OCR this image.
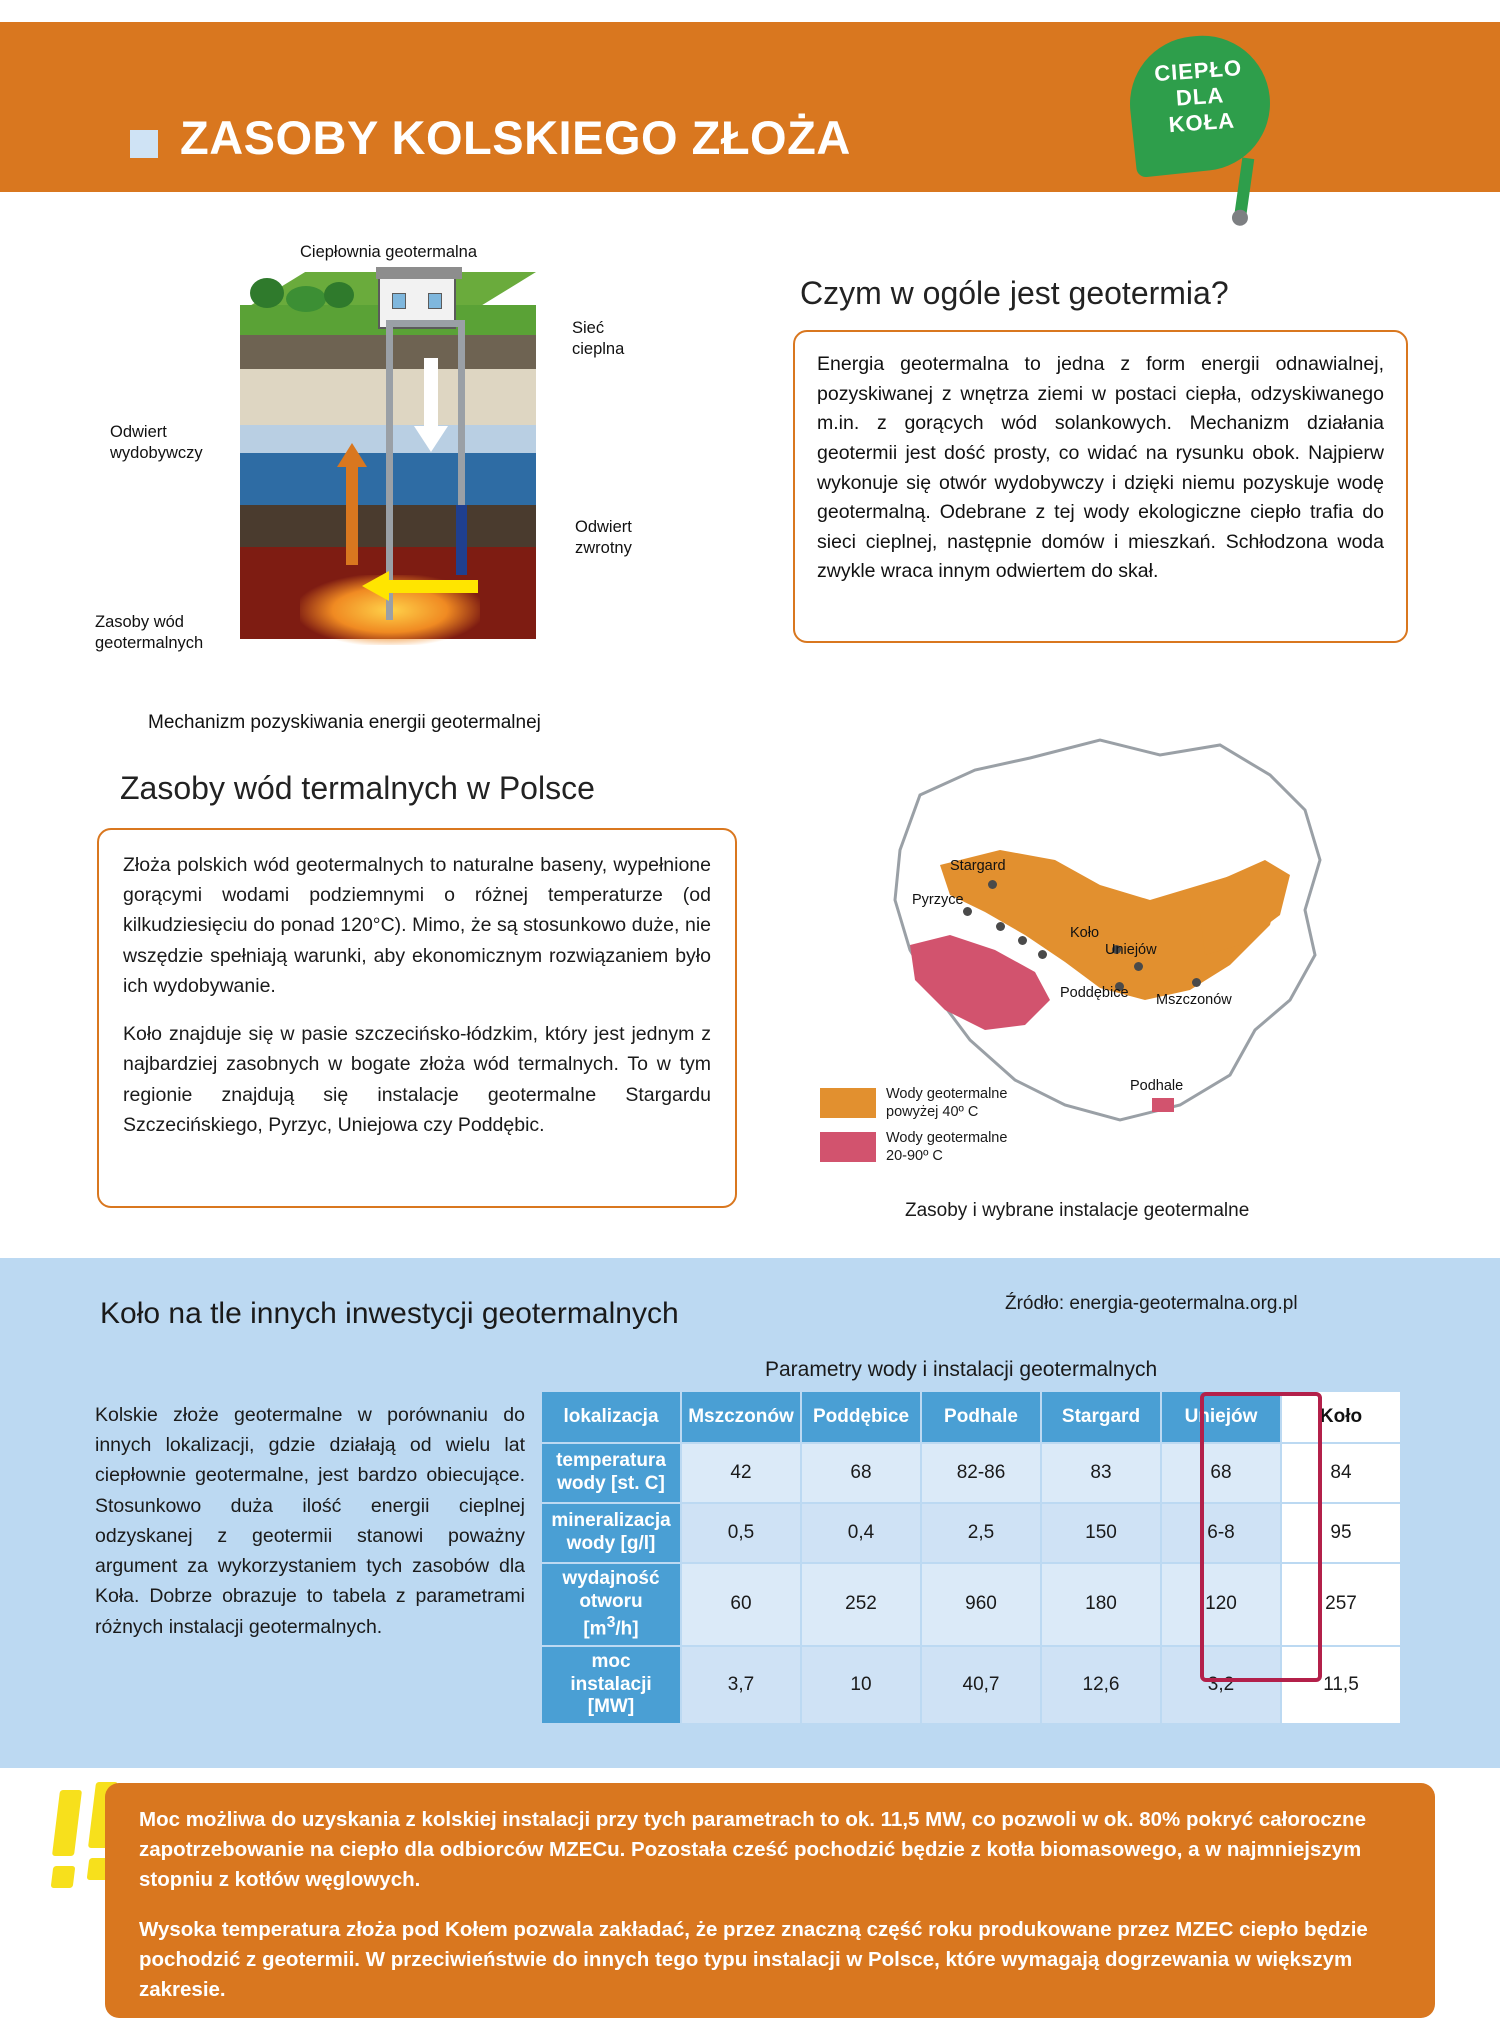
ZASOBY KOLSKIEGO ZŁOŻA
CIEPŁO
DLA
KOŁA
Ciepłownia geotermalna
Sieć
cieplna
Odwiert
wydobywczy
Odwiert
zwrotny
Zasoby wód
geotermalnych
Mechanizm pozyskiwania energii geotermalnej
Czym w ogóle jest geotermia?

Energia geotermalna to jedna z form energii odnawialnej, pozyskiwanej z wnętrza ziemi w postaci ciepła, odzyskiwanego m.in. z gorących wód solankowych. Mechanizm działania geotermii jest dość prosty, co widać na rysunku obok. Najpierw wykonuje się otwór wydobywczy i dzięki niemu pozyskuje wodę geotermalną. Odebrane z tej wody ekologiczne ciepło trafia do sieci cieplnej, następnie domów i mieszkań. Schłodzona woda zwykle wraca innym odwiertem do skał.

Zasoby wód termalnych w Polsce

Złoża polskich wód geotermalnych to naturalne baseny, wypełnione gorącymi wodami podziemnymi o różnej temperaturze (od kilkudziesięciu do ponad 120°C). Mimo, że są stosunkowo duże, nie wszędzie spełniają warunki, aby ekonomicznym rozwiązaniem było ich wydobywanie.

Koło znajduje się w pasie szczecińsko-łódzkim, który jest jednym z najbardziej zasobnych w bogate złoża wód termalnych. To w tym regionie znajdują się instalacje geotermalne Stargardu Szczecińskiego, Pyrzyc, Uniejowa czy Poddębic.

Stargard
Pyrzyce
Koło
Uniejów
Poddębice Mszczonów
Podhale
Wody geotermalne
powyżej 40º C
Wody geotermalne
20-90º C
Zasoby i wybrane instalacje geotermalne
Koło na tle innych inwestycji geotermalnych	Źródło: energia-geotermalna.org.pl
Parametry wody i instalacji geotermalnych
Kolskie złoże geotermalne w porównaniu do innych lokalizacji, gdzie działają od wielu lat ciepłownie geotermalne, jest bardzo obiecujące. Stosunkowo duża ilość energii cieplnej odzyskanej z geotermii stanowi poważny argument za wykorzystaniem tych zasobów dla Koła. Dobrze obrazuje to tabela z parametrami różnych instalacji geotermalnych.
lokalizacja	Mszczonów	Poddębice	Podhale	Stargard	Uniejów	Koło
temperatura
wody [st. C]	42	68	82-86	83	68	84
mineralizacja
wody [g/l]	0,5	0,4	2,5	150	6-8	95
wydajność
otworu $[m^3/h]$	60	252	960	180	120	257
moc instalacji
[MW]	3,7	10	40,7	12,6	3,2	11,5

Moc możliwa do uzyskania z kolskiej instalacji przy tych parametrach to ok. 11,5 MW, co pozwoli w ok. 80% pokryć całoroczne zapotrzebowanie na ciepło dla odbiorców MZECu. Pozostała cześć pochodzić będzie z kotła biomasowego, a w najmniejszym stopniu z kotłów węglowych.

Wysoka temperatura złoża pod Kołem pozwala zakładać, że przez znaczną część roku produkowane przez MZEC ciepło będzie pochodzić z geotermii. W przeciwieństwie do innych tego typu instalacji w Polsce, które wymagają dogrzewania w większym zakresie.
